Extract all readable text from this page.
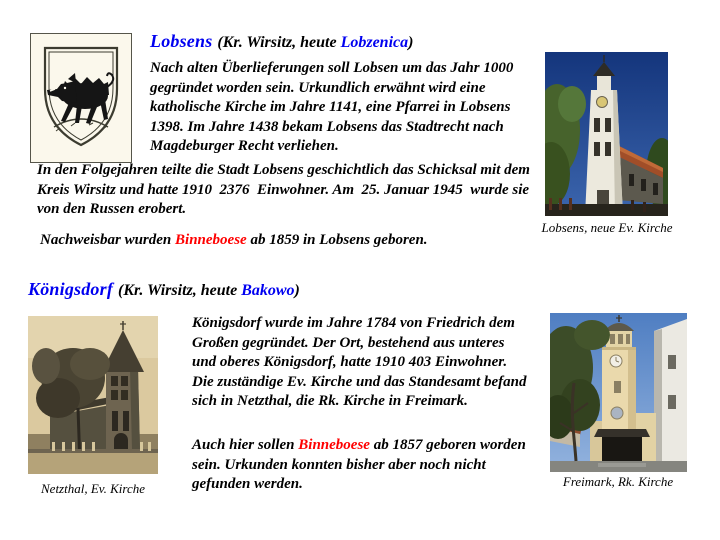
Lobsens (Kr. Wirsitz, heute Lobzenica)
Nach alten Überlieferungen soll Lobsen um das Jahr 1000 gegründet worden sein. Urkundlich erwähnt wird eine katholische Kirche im Jahre 1141, eine Pfarrei in Lobsens 1398. Im Jahre 1438 bekam Lobsens das Stadtrecht nach Magdeburger Recht verliehen.
In den Folgejahren teilte die Stadt Lobsens geschichtlich das Schicksal mit dem Kreis Wirsitz und hatte 1910  2376  Einwohner. Am  25. Januar 1945  wurde sie von den Russen erobert.
Nachweisbar wurden Binneboese ab 1859 in Lobsens geboren.
Königsdorf (Kr. Wirsitz, heute Bakowo)
Königsdorf wurde im Jahre 1784 von Friedrich dem Großen gegründet. Der Ort, bestehend aus unteres und oberes Königsdorf, hatte 1910 403 Einwohner. Die zuständige Ev. Kirche und das Standesamt befand sich in Netzthal, die Rk. Kirche in Freimark.
Auch hier sollen Binneboese ab 1857 geboren worden sein. Urkunden konnten bisher aber noch nicht gefunden werden.
Lobsens, neue Ev. Kirche
Netzthal, Ev. Kirche	Freimark, Rk. Kirche
